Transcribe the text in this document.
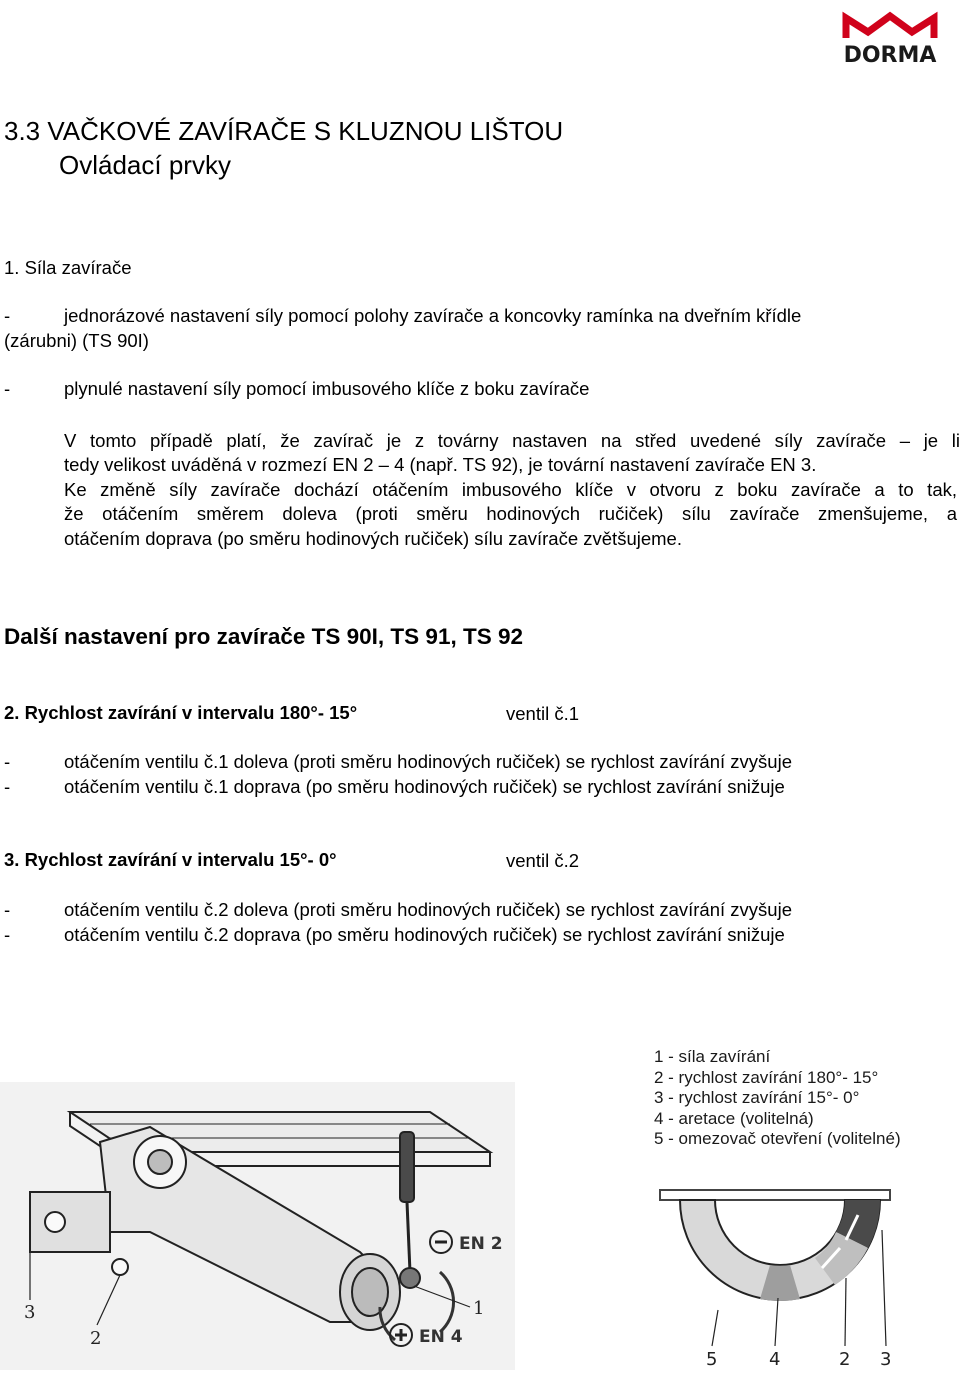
DORMA
3.3 VAČKOVÉ ZAVÍRAČE S KLUZNOU LIŠTOU
Ovládací prvky
1. Síla zavírače
-	jednorázové nastavení síly pomocí polohy zavírače a koncovky ramínka na dveřním křídle
(zárubni) (TS 90I)
-	plynulé nastavení síly pomocí imbusového klíče z boku zavírače
V tomto případě platí, že zavírač je z továrny nastaven na střed uvedené síly zavírače – je li
tedy velikost uváděná v rozmezí EN 2 – 4 (např. TS 92), je tovární nastavení zavírače EN 3.
Ke změně síly zavírače dochází otáčením imbusového klíče v otvoru z boku zavírače a to tak,
že otáčením směrem doleva (proti směru hodinových ručiček) sílu zavírače zmenšujeme, a
otáčením doprava (po směru hodinových ručiček) sílu zavírače zvětšujeme.
Další nastavení pro zavírače TS 90I, TS 91, TS 92
2. Rychlost zavírání v intervalu 180°- 15°	ventil č.1
-	otáčením ventilu č.1 doleva (proti směru hodinových ručiček) se rychlost zavírání zvyšuje
-	otáčením ventilu č.1 doprava (po směru hodinových ručiček) se rychlost zavírání snižuje
3. Rychlost zavírání v intervalu 15°- 0°	ventil č.2
-	otáčením ventilu č.2 doleva (proti směru hodinových ručiček) se rychlost zavírání zvyšuje
-	otáčením ventilu č.2 doprava (po směru hodinových ručiček) se rychlost zavírání snižuje
1 - síla zavírání
2 - rychlost zavírání 180°- 15°
3 - rychlost zavírání 15°- 0°
4 - aretace (volitelná)
5 - omezovač otevření (volitelné)
EN 2
EN 4
1
2
3
5	4	2 3
